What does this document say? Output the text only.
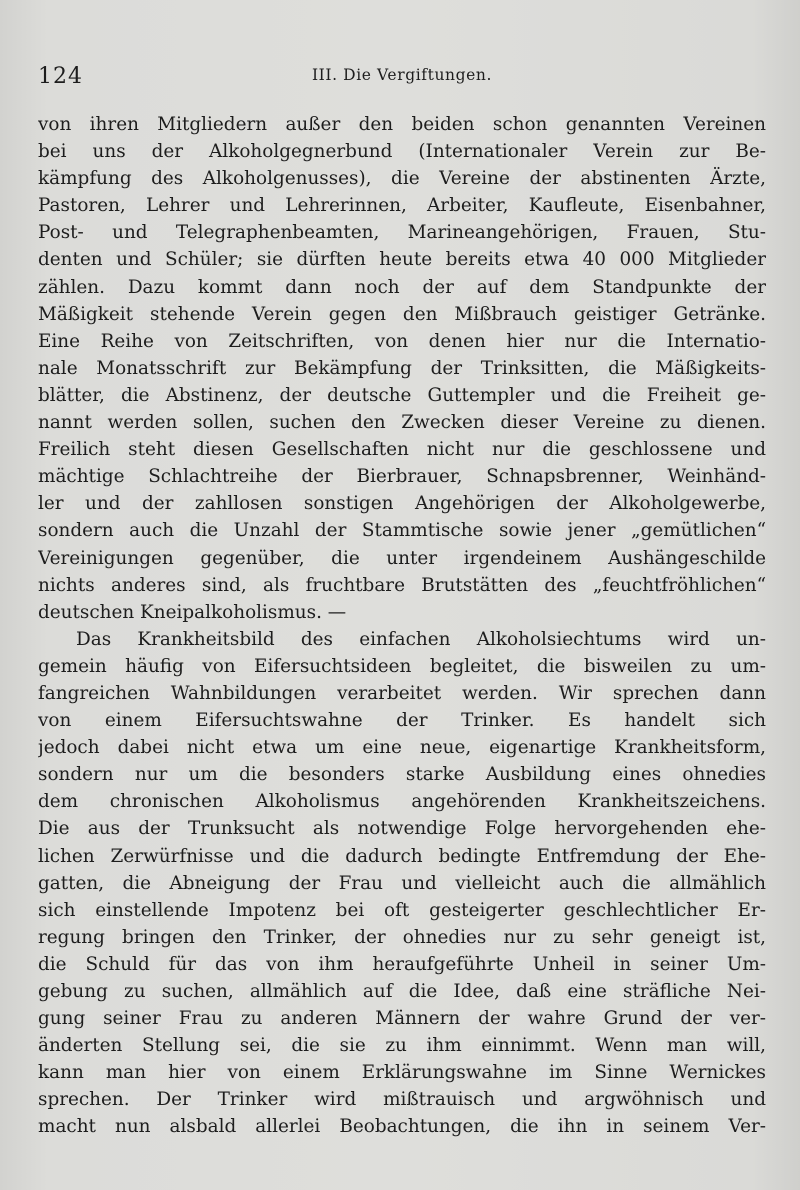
124	III. Die Vergiftungen.
von ihren Mitgliedern außer den beiden schon genannten Vereinen
bei uns der Alkoholgegnerbund (Internationaler Verein zur Be-
kämpfung des Alkoholgenusses), die Vereine der abstinenten Ärzte,
Pastoren, Lehrer und Lehrerinnen, Arbeiter, Kaufleute, Eisenbahner,
Post- und Telegraphenbeamten, Marineangehörigen, Frauen, Stu-
denten und Schüler; sie dürften heute bereits etwa 40 000 Mitglieder
zählen. Dazu kommt dann noch der auf dem Standpunkte der
Mäßigkeit stehende Verein gegen den Mißbrauch geistiger Getränke.
Eine Reihe von Zeitschriften, von denen hier nur die Internatio-
nale Monatsschrift zur Bekämpfung der Trinksitten, die Mäßigkeits-
blätter, die Abstinenz, der deutsche Guttempler und die Freiheit ge-
nannt werden sollen, suchen den Zwecken dieser Vereine zu dienen.
Freilich steht diesen Gesellschaften nicht nur die geschlossene und
mächtige Schlachtreihe der Bierbrauer, Schnapsbrenner, Weinhänd-
ler und der zahllosen sonstigen Angehörigen der Alkoholgewerbe,
sondern auch die Unzahl der Stammtische sowie jener „gemütlichen“
Vereinigungen gegenüber, die unter irgendeinem Aushängeschilde
nichts anderes sind, als fruchtbare Brutstätten des „feuchtfröhlichen“
deutschen Kneipalkoholismus. —
Das Krankheitsbild des einfachen Alkoholsiechtums wird un-
gemein häufig von Eifersuchtsideen begleitet, die bisweilen zu um-
fangreichen Wahnbildungen verarbeitet werden. Wir sprechen dann
von einem Eifersuchtswahne der Trinker. Es handelt sich
jedoch dabei nicht etwa um eine neue, eigenartige Krankheitsform,
sondern nur um die besonders starke Ausbildung eines ohnedies
dem chronischen Alkoholismus angehörenden Krankheitszeichens.
Die aus der Trunksucht als notwendige Folge hervorgehenden ehe-
lichen Zerwürfnisse und die dadurch bedingte Entfremdung der Ehe-
gatten, die Abneigung der Frau und vielleicht auch die allmählich
sich einstellende Impotenz bei oft gesteigerter geschlechtlicher Er-
regung bringen den Trinker, der ohnedies nur zu sehr geneigt ist,
die Schuld für das von ihm heraufgeführte Unheil in seiner Um-
gebung zu suchen, allmählich auf die Idee, daß eine sträfliche Nei-
gung seiner Frau zu anderen Männern der wahre Grund der ver-
änderten Stellung sei, die sie zu ihm einnimmt. Wenn man will,
kann man hier von einem Erklärungswahne im Sinne Wernickes
sprechen. Der Trinker wird mißtrauisch und argwöhnisch und
macht nun alsbald allerlei Beobachtungen, die ihn in seinem Ver-
